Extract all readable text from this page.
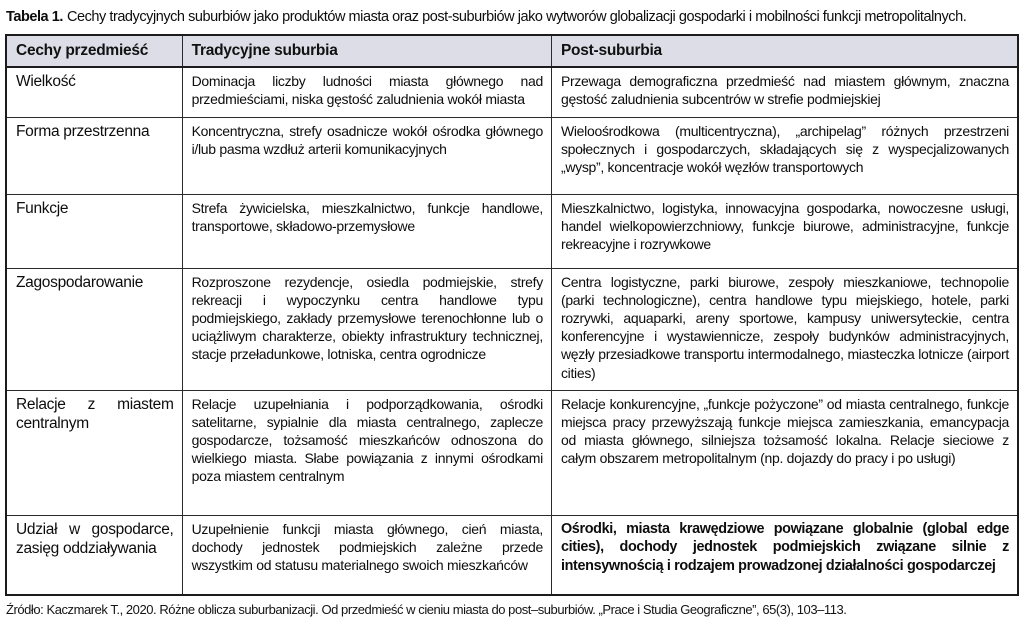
Tabela 1. Cechy tradycyjnych suburbiów jako produktów miasta oraz post-suburbiów jako wytworów globalizacji gospodarki i mobilności funkcji metropolitalnych.
Cechy przedmieść	Tradycyjne suburbia	Post-suburbia
Wielkość	Dominacja liczby ludności miasta głównego nad przedmieściami, niska gęstość zaludnienia wokół miasta	Przewaga demograficzna przedmieść nad miastem głównym, znaczna gęstość zaludnienia subcentrów w strefie podmiejskiej
Forma przestrzenna	Koncentryczna, strefy osadnicze wokół ośrodka głównego i/lub pasma wzdłuż arterii komunikacyjnych	Wieloośrodkowa (multicentryczna), „archipelag” różnych przestrzeni społecznych i gospodarczych, składających się z wyspecjalizowanych „wysp”, koncentracje wokół węzłów transportowych
Funkcje	Strefa żywicielska, mieszkalnictwo, funkcje handlowe, transportowe, składowo-przemysłowe	Mieszkalnictwo, logistyka, innowacyjna gospodarka, nowoczesne usługi, handel wielkopowierzchniowy, funkcje biurowe, administracyjne, funkcje rekreacyjne i rozrywkowe
Zagospodarowanie	Rozproszone rezydencje, osiedla podmiejskie, strefy rekreacji i wypoczynku centra handlowe typu podmiejskiego, zakłady przemysłowe terenochłonne lub o uciążliwym charakterze, obiekty infrastruktury technicznej, stacje przeładunkowe, lotniska, centra ogrodnicze	Centra logistyczne, parki biurowe, zespoły mieszkaniowe, technopolie (parki technologiczne), centra handlowe typu miejskiego, hotele, parki rozrywki, aquaparki, areny sportowe, kampusy uniwersyteckie, centra konferencyjne i wystawiennicze, zespoły budynków administracyjnych, węzły przesiadkowe transportu intermodalnego, miasteczka lotnicze (airport cities)
Relacje z miastem centralnym	Relacje uzupełniania i podporządkowania, ośrodki satelitarne, sypialnie dla miasta centralnego, zaplecze gospodarcze, tożsamość mieszkańców odnoszona do wielkiego miasta. Słabe powiązania z innymi ośrodkami poza miastem centralnym	Relacje konkurencyjne, „funkcje pożyczone” od miasta centralnego, funkcje miejsca pracy przewyższają funkcje miejsca zamieszkania, emancypacja od miasta głównego, silniejsza tożsamość lokalna. Relacje sieciowe z całym obszarem metropolitalnym (np. dojazdy do pracy i po usługi)
Udział w gospodarce, zasięg oddziaływania	Uzupełnienie funkcji miasta głównego, cień miasta, dochody jednostek podmiejskich zależne przede wszystkim od statusu materialnego swoich mieszkańców	Ośrodki, miasta krawędziowe powiązane globalnie (global edge cities), dochody jednostek podmiejskich związane silnie z intensywnością i rodzajem prowadzonej działalności gospodarczej
Źródło: Kaczmarek T., 2020. Różne oblicza suburbanizacji. Od przedmieść w cieniu miasta do post–suburbiów. „Prace i Studia Geograficzne”, 65(3), 103–113.
